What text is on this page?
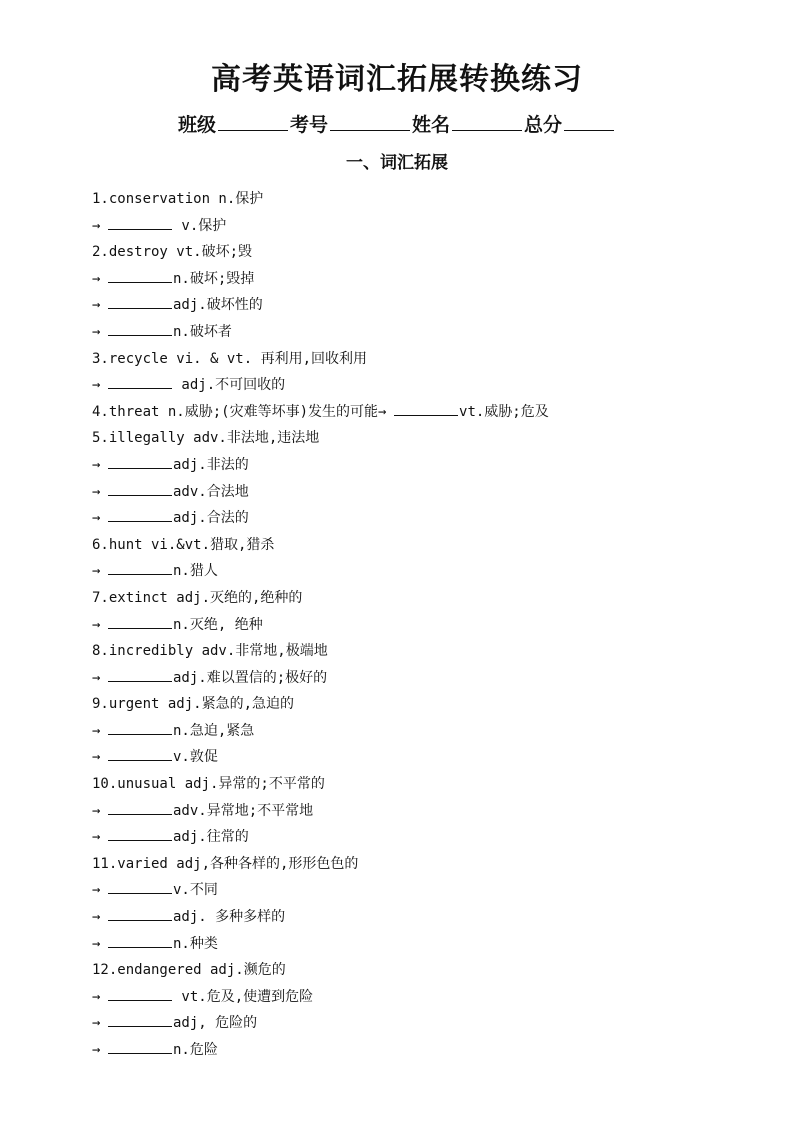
高考英语词汇拓展转换练习
班级	考号	姓名	总分
一、词汇拓展
1.conservation n.保护
→	v.保护
2.destroy vt.破坏;毁
→	n.破坏;毁掉
→	adj.破坏性的
→	n.破坏者
3.recycle vi. & vt. 再利用,回收利用
→	adj.不可回收的
4.threat n.威胁;(灾难等坏事)发生的可能→	vt.威胁;危及
5.illegally adv.非法地,违法地
→	adj.非法的
→	adv.合法地
→	adj.合法的
6.hunt vi.&vt.猎取,猎杀
→	n.猎人
7.extinct adj.灭绝的,绝种的
→	n.灭绝, 绝种
8.incredibly adv.非常地,极端地
→	adj.难以置信的;极好的
9.urgent adj.紧急的,急迫的
→	n.急迫,紧急
→	v.敦促
10.unusual adj.异常的;不平常的
→	adv.异常地;不平常地
→	adj.往常的
11.varied adj,各种各样的,形形色色的
→	v.不同
→	adj. 多种多样的
→	n.种类
12.endangered adj.濒危的
→	vt.危及,使遭到危险
→	adj, 危险的
→	n.危险
